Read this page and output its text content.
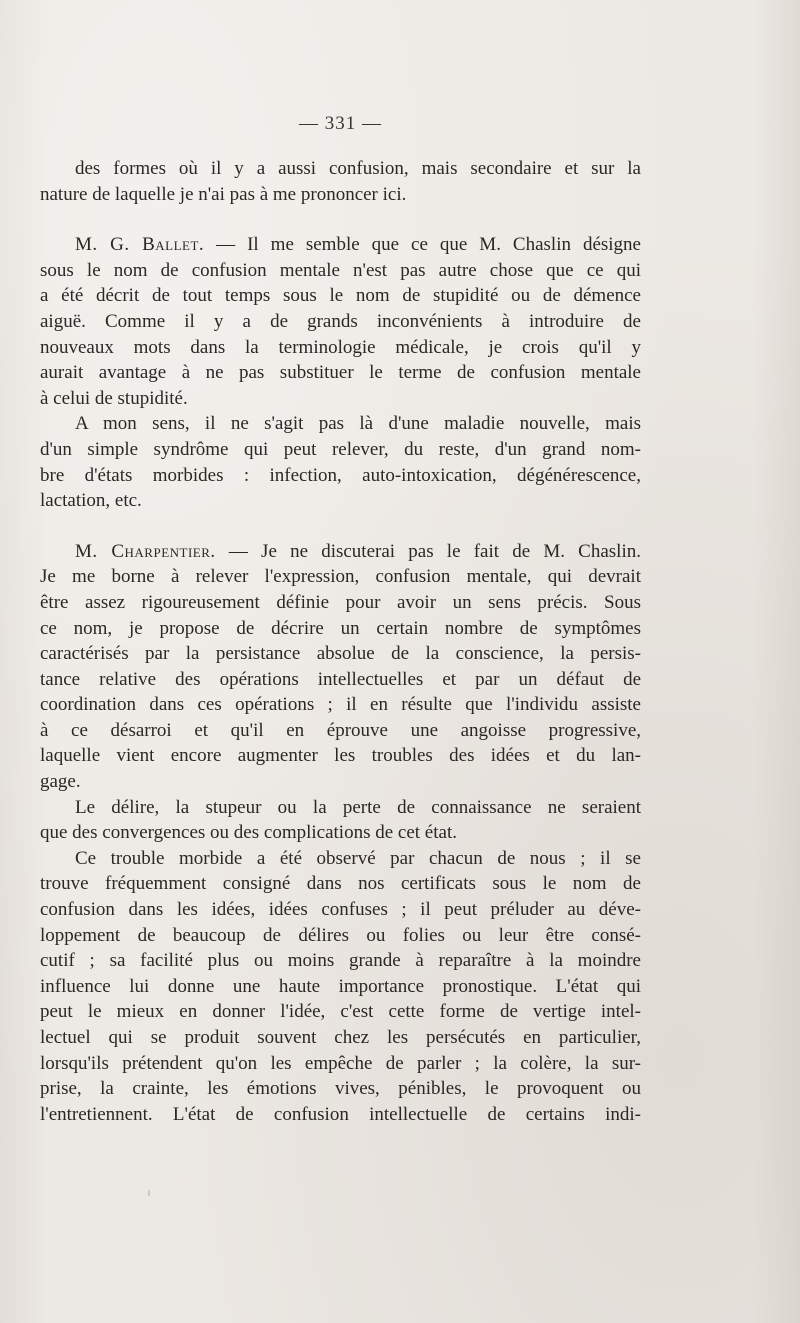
— 331 —
des formes où il y a aussi confusion, mais secondaire et sur la
nature de laquelle je n'ai pas à me prononcer ici.
M. G. Ballet. — Il me semble que ce que M. Chaslin désigne
sous le nom de confusion mentale n'est pas autre chose que ce qui
a été décrit de tout temps sous le nom de stupidité ou de démence
aiguë. Comme il y a de grands inconvénients à introduire de
nouveaux mots dans la terminologie médicale, je crois qu'il y
aurait avantage à ne pas substituer le terme de confusion mentale
à celui de stupidité.
A mon sens, il ne s'agit pas là d'une maladie nouvelle, mais
d'un simple syndrôme qui peut relever, du reste, d'un grand nom-
bre d'états morbides : infection, auto-intoxication, dégénérescence,
lactation, etc.
M. Charpentier. — Je ne discuterai pas le fait de M. Chaslin.
Je me borne à relever l'expression, confusion mentale, qui devrait
être assez rigoureusement définie pour avoir un sens précis. Sous
ce nom, je propose de décrire un certain nombre de symptômes
caractérisés par la persistance absolue de la conscience, la persis-
tance relative des opérations intellectuelles et par un défaut de
coordination dans ces opérations ; il en résulte que l'individu assiste
à ce désarroi et qu'il en éprouve une angoisse progressive,
laquelle vient encore augmenter les troubles des idées et du lan-
gage.
Le délire, la stupeur ou la perte de connaissance ne seraient
que des convergences ou des complications de cet état.
Ce trouble morbide a été observé par chacun de nous ; il se
trouve fréquemment consigné dans nos certificats sous le nom de
confusion dans les idées, idées confuses ; il peut préluder au déve-
loppement de beaucoup de délires ou folies ou leur être consé-
cutif ; sa facilité plus ou moins grande à reparaître à la moindre
influence lui donne une haute importance pronostique. L'état qui
peut le mieux en donner l'idée, c'est cette forme de vertige intel-
lectuel qui se produit souvent chez les persécutés en particulier,
lorsqu'ils prétendent qu'on les empêche de parler ; la colère, la sur-
prise, la crainte, les émotions vives, pénibles, le provoquent ou
l'entretiennent. L'état de confusion intellectuelle de certains indi-
